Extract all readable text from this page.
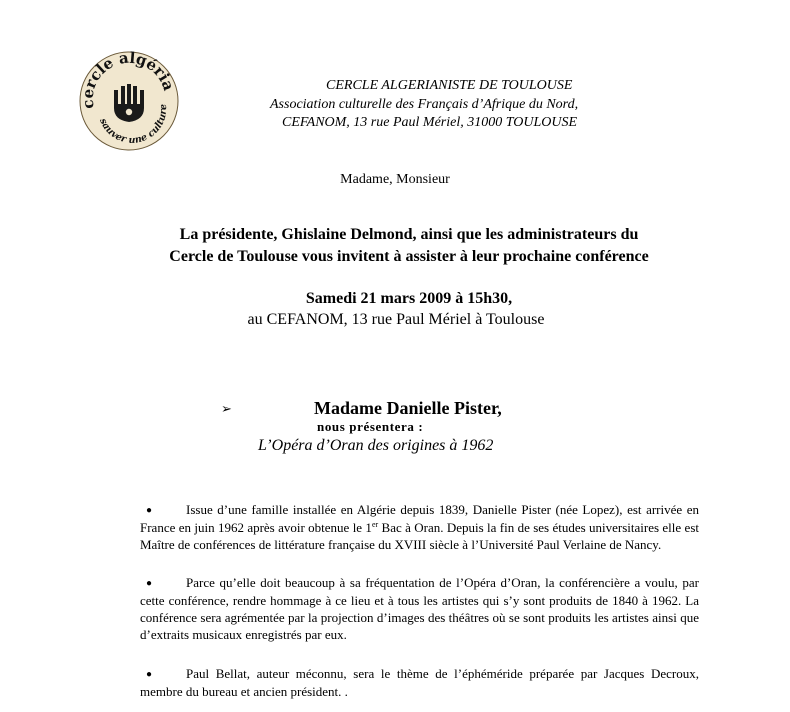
cercle algéria
sauver une culture
CERCLE ALGERIANISTE DE TOULOUSE
Association culturelle des Français d’Afrique du Nord,
CEFANOM, 13 rue Paul Mériel, 31000 TOULOUSE
Madame, Monsieur
La présidente, Ghislaine Delmond, ainsi que les administrateurs du
Cercle de Toulouse vous invitent à assister à leur prochaine conférence
Samedi 21 mars 2009 à 15h30,
au CEFANOM, 13 rue Paul Mériel à Toulouse
➢	Madame Danielle Pister,
nous présentera :
L’Opéra d’Oran des origines à 1962
●	Issue d’une famille installée en Algérie depuis 1839, Danielle Pister (née Lopez), est arrivée en France en juin 1962 après avoir obtenue le 1er Bac à Oran. Depuis la fin de ses études universitaires elle est Maître de conférences de littérature française du XVIII siècle à l’Université Paul Verlaine de Nancy.
●	Parce qu’elle doit beaucoup à sa fréquentation de l’Opéra d’Oran, la conférencière a voulu, par cette conférence, rendre hommage à ce lieu et à tous les artistes qui s’y sont produits de 1840 à 1962. La conférence sera agrémentée par la projection d’images des théâtres où se sont produits les artistes ainsi que d’extraits musicaux enregistrés par eux.
●	Paul Bellat, auteur méconnu, sera le thème de l’éphéméride préparée par Jacques Decroux, membre du bureau et ancien président. .
